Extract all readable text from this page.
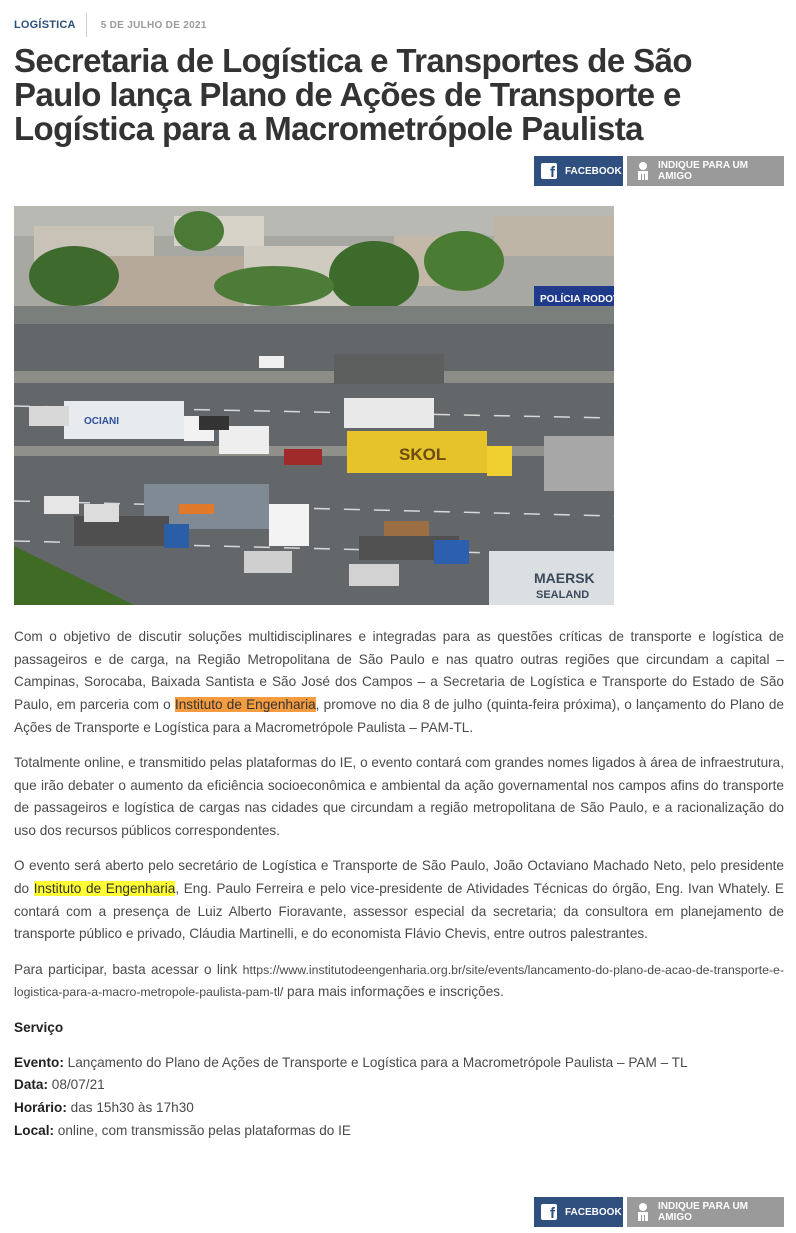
LOGÍSTICA	5 DE JULHO DE 2021
Secretaria de Logística e Transportes de São Paulo lança Plano de Ações de Transporte e Logística para a Macrometrópole Paulista
f
FACEBOOK	INDIQUE PARA UM AMIGO
POLÍCIA RODOVIÁ
OCIANI
SKOL
MAERSK
SEALAND

Com o objetivo de discutir soluções multidisciplinares e integradas para as questões críticas de transporte e logística de passageiros e de carga, na Região Metropolitana de São Paulo e nas quatro outras regiões que circundam a capital – Campinas, Sorocaba, Baixada Santista e São José dos Campos – a Secretaria de Logística e Transporte do Estado de São Paulo, em parceria com o Instituto de Engenharia, promove no dia 8 de julho (quinta-feira próxima), o lançamento do Plano de Ações de Transporte e Logística para a Macrometrópole Paulista – PAM-TL.

Totalmente online, e transmitido pelas plataformas do IE, o evento contará com grandes nomes ligados à área de infraestrutura, que irão debater o aumento da eficiência socioeconômica e ambiental da ação governamental nos campos afins do transporte de passageiros e logística de cargas nas cidades que circundam a região metropolitana de São Paulo, e a racionalização do uso dos recursos públicos correspondentes.

O evento será aberto pelo secretário de Logística e Transporte de São Paulo, João Octaviano Machado Neto, pelo presidente do Instituto de Engenharia, Eng. Paulo Ferreira e pelo vice-presidente de Atividades Técnicas do órgão, Eng. Ivan Whately. E contará com a presença de Luiz Alberto Fioravante, assessor especial da secretaria; da consultora em planejamento de transporte público e privado, Cláudia Martinelli, e do economista Flávio Chevis, entre outros palestrantes.

Para participar, basta acessar o link https://www.institutodeengenharia.org.br/site/events/lancamento-do-plano-de-acao-de-transporte-e-logistica-para-a-macro-metropole-paulista-pam-tl/ para mais informações e inscrições.

Serviço

Evento: Lançamento do Plano de Ações de Transporte e Logística para a Macrometrópole Paulista – PAM – TL

Data: 08/07/21

Horário: das 15h30 às 17h30

Local: online, com transmissão pelas plataformas do IE

f
FACEBOOK	INDIQUE PARA UM AMIGO
